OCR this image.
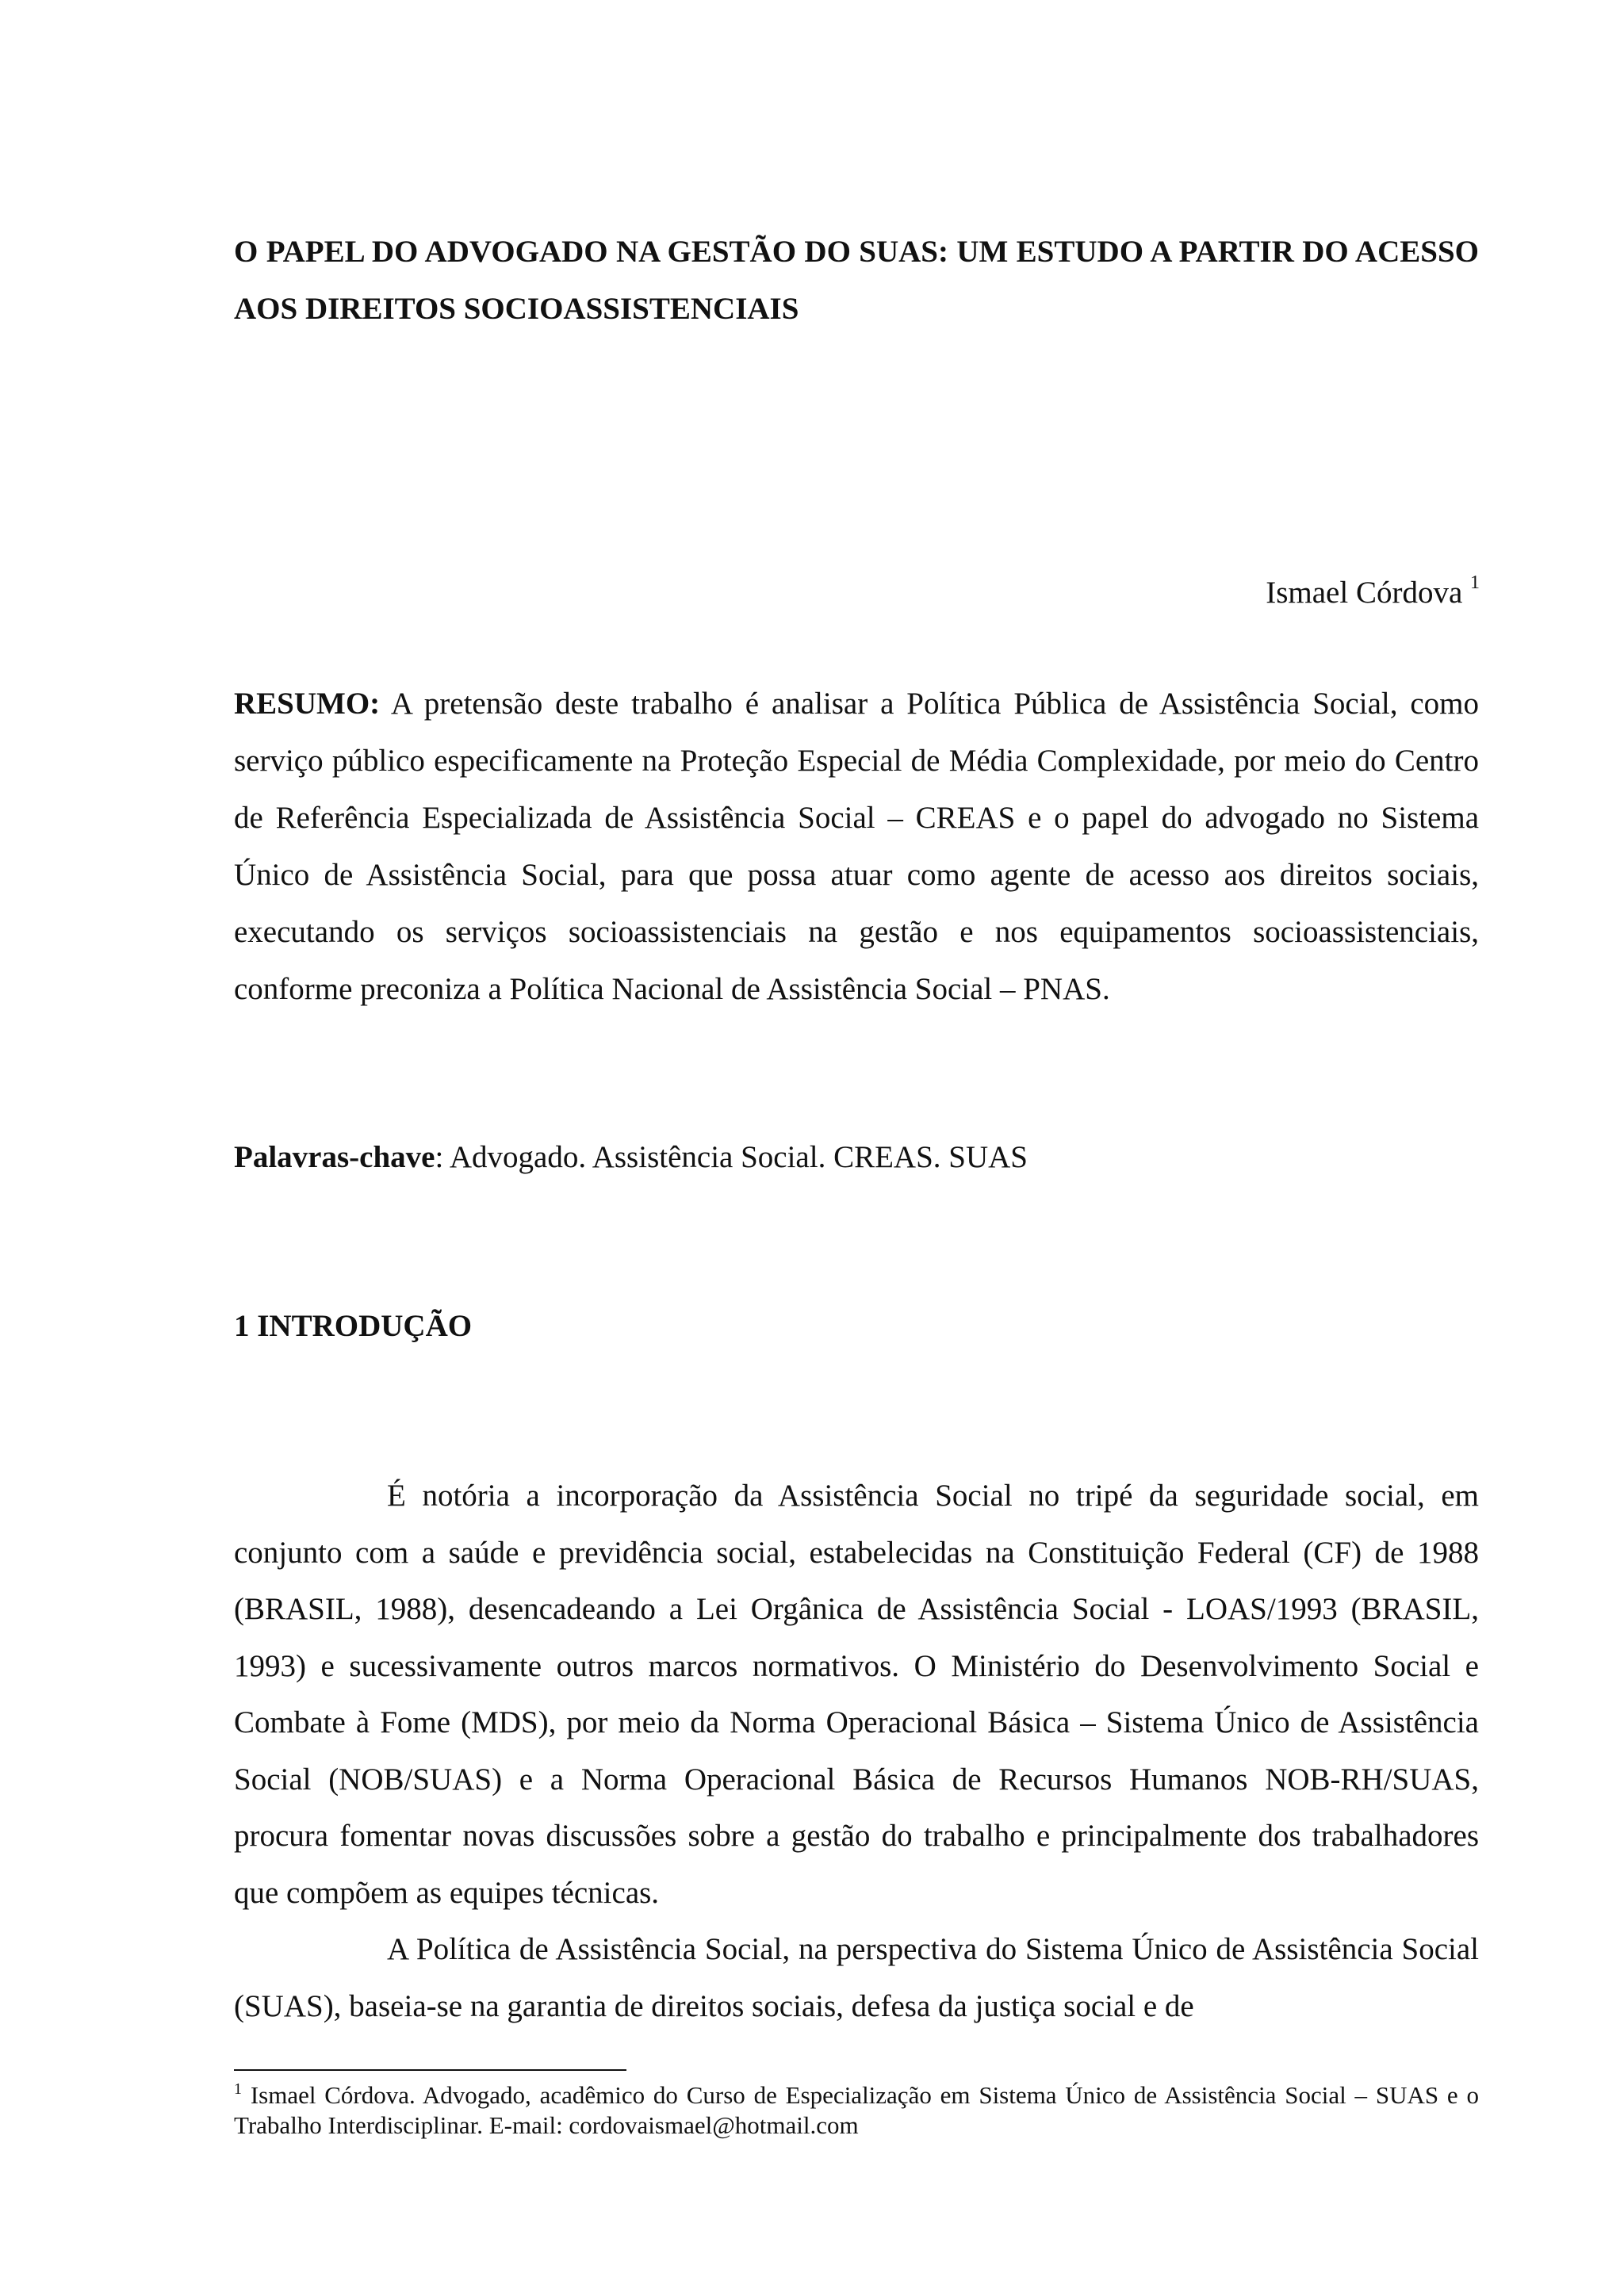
O PAPEL DO ADVOGADO NA GESTÃO DO SUAS: UM ESTUDO A PARTIR DO ACESSO AOS DIREITOS SOCIOASSISTENCIAIS
Ismael Córdova $^1$

RESUMO: A pretensão deste trabalho é analisar a Política Pública de Assistência Social, como serviço público especificamente na Proteção Especial de Média Complexidade, por meio do Centro de Referência Especializada de Assistência Social – CREAS e o papel do advogado no Sistema Único de Assistência Social, para que possa atuar como agente de acesso aos direitos sociais, executando os serviços socioassistenciais na gestão e nos equipamentos socioassistenciais, conforme preconiza a Política Nacional de Assistência Social – PNAS.

Palavras-chave: Advogado. Assistência Social. CREAS. SUAS

1 INTRODUÇÃO

É notória a incorporação da Assistência Social no tripé da seguridade social, em conjunto com a saúde e previdência social, estabelecidas na Constituição Federal (CF) de 1988 (BRASIL, 1988), desencadeando a Lei Orgânica de Assistência Social - LOAS/1993 (BRASIL, 1993) e sucessivamente outros marcos normativos. O Ministério do Desenvolvimento Social e Combate à Fome (MDS), por meio da Norma Operacional Básica – Sistema Único de Assistência Social (NOB/SUAS) e a Norma Operacional Básica de Recursos Humanos NOB-RH/SUAS, procura fomentar novas discussões sobre a gestão do trabalho e principalmente dos trabalhadores que compõem as equipes técnicas.

A Política de Assistência Social, na perspectiva do Sistema Único de Assistência Social (SUAS), baseia-se na garantia de direitos sociais, defesa da justiça social e de

$^1$ Ismael Córdova. Advogado, acadêmico do Curso de Especialização em Sistema Único de Assistência Social – SUAS e o Trabalho Interdisciplinar. E-mail: cordovaismael@hotmail.com
